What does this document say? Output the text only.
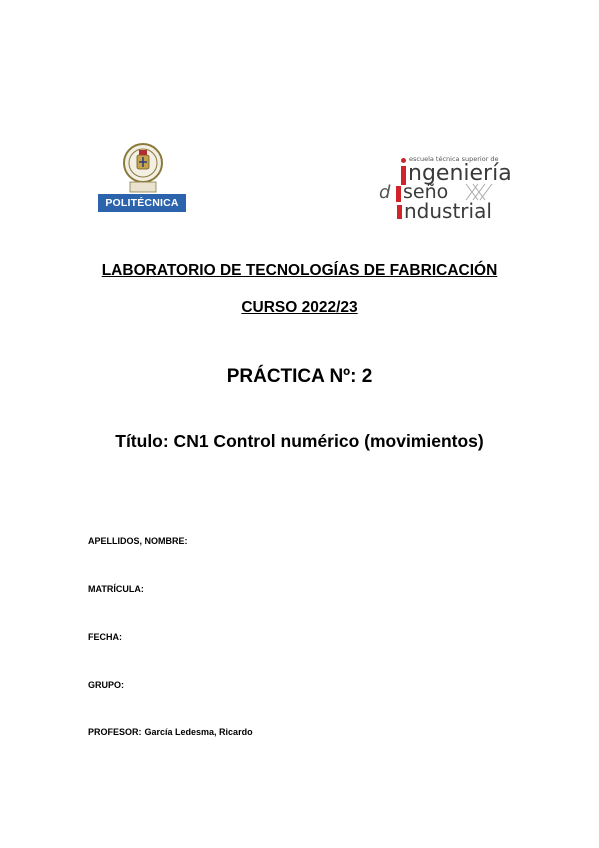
POLITÉCNICA
escuela técnica superior de
ngeniería
d seño
ndustrial
LABORATORIO DE TECNOLOGÍAS DE FABRICACIÓN
CURSO 2022/23
PRÁCTICA Nº: 2
Título: CN1 Control numérico (movimientos)
APELLIDOS, NOMBRE:
MATRÍCULA:
FECHA:
GRUPO:
PROFESOR: García Ledesma, Ricardo
